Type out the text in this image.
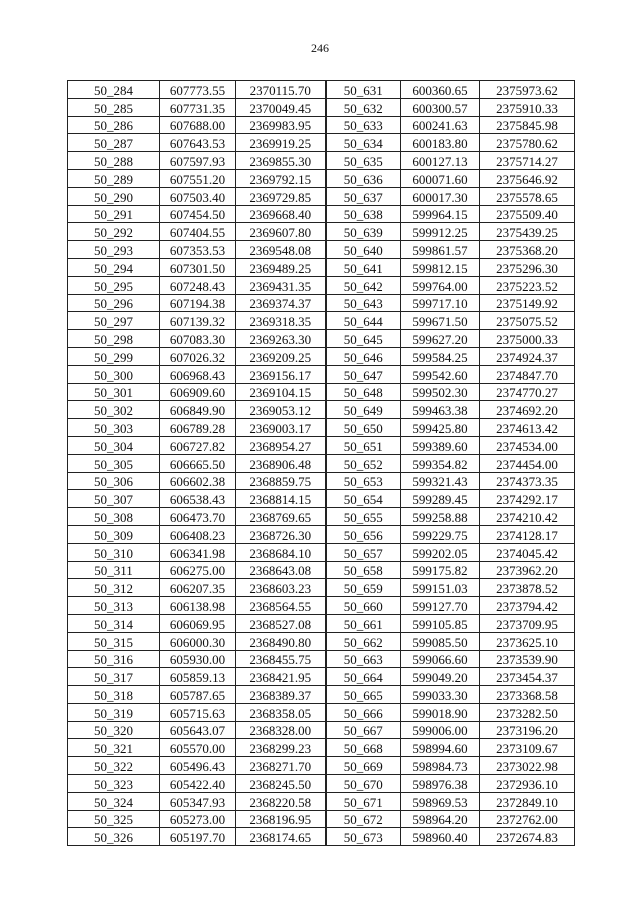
246
50_284	607773.55	2370115.70	50_631	600360.65	2375973.62
50_285	607731.35	2370049.45	50_632	600300.57	2375910.33
50_286	607688.00	2369983.95	50_633	600241.63	2375845.98
50_287	607643.53	2369919.25	50_634	600183.80	2375780.62
50_288	607597.93	2369855.30	50_635	600127.13	2375714.27
50_289	607551.20	2369792.15	50_636	600071.60	2375646.92
50_290	607503.40	2369729.85	50_637	600017.30	2375578.65
50_291	607454.50	2369668.40	50_638	599964.15	2375509.40
50_292	607404.55	2369607.80	50_639	599912.25	2375439.25
50_293	607353.53	2369548.08	50_640	599861.57	2375368.20
50_294	607301.50	2369489.25	50_641	599812.15	2375296.30
50_295	607248.43	2369431.35	50_642	599764.00	2375223.52
50_296	607194.38	2369374.37	50_643	599717.10	2375149.92
50_297	607139.32	2369318.35	50_644	599671.50	2375075.52
50_298	607083.30	2369263.30	50_645	599627.20	2375000.33
50_299	607026.32	2369209.25	50_646	599584.25	2374924.37
50_300	606968.43	2369156.17	50_647	599542.60	2374847.70
50_301	606909.60	2369104.15	50_648	599502.30	2374770.27
50_302	606849.90	2369053.12	50_649	599463.38	2374692.20
50_303	606789.28	2369003.17	50_650	599425.80	2374613.42
50_304	606727.82	2368954.27	50_651	599389.60	2374534.00
50_305	606665.50	2368906.48	50_652	599354.82	2374454.00
50_306	606602.38	2368859.75	50_653	599321.43	2374373.35
50_307	606538.43	2368814.15	50_654	599289.45	2374292.17
50_308	606473.70	2368769.65	50_655	599258.88	2374210.42
50_309	606408.23	2368726.30	50_656	599229.75	2374128.17
50_310	606341.98	2368684.10	50_657	599202.05	2374045.42
50_311	606275.00	2368643.08	50_658	599175.82	2373962.20
50_312	606207.35	2368603.23	50_659	599151.03	2373878.52
50_313	606138.98	2368564.55	50_660	599127.70	2373794.42
50_314	606069.95	2368527.08	50_661	599105.85	2373709.95
50_315	606000.30	2368490.80	50_662	599085.50	2373625.10
50_316	605930.00	2368455.75	50_663	599066.60	2373539.90
50_317	605859.13	2368421.95	50_664	599049.20	2373454.37
50_318	605787.65	2368389.37	50_665	599033.30	2373368.58
50_319	605715.63	2368358.05	50_666	599018.90	2373282.50
50_320	605643.07	2368328.00	50_667	599006.00	2373196.20
50_321	605570.00	2368299.23	50_668	598994.60	2373109.67
50_322	605496.43	2368271.70	50_669	598984.73	2373022.98
50_323	605422.40	2368245.50	50_670	598976.38	2372936.10
50_324	605347.93	2368220.58	50_671	598969.53	2372849.10
50_325	605273.00	2368196.95	50_672	598964.20	2372762.00
50_326	605197.70	2368174.65	50_673	598960.40	2372674.83
